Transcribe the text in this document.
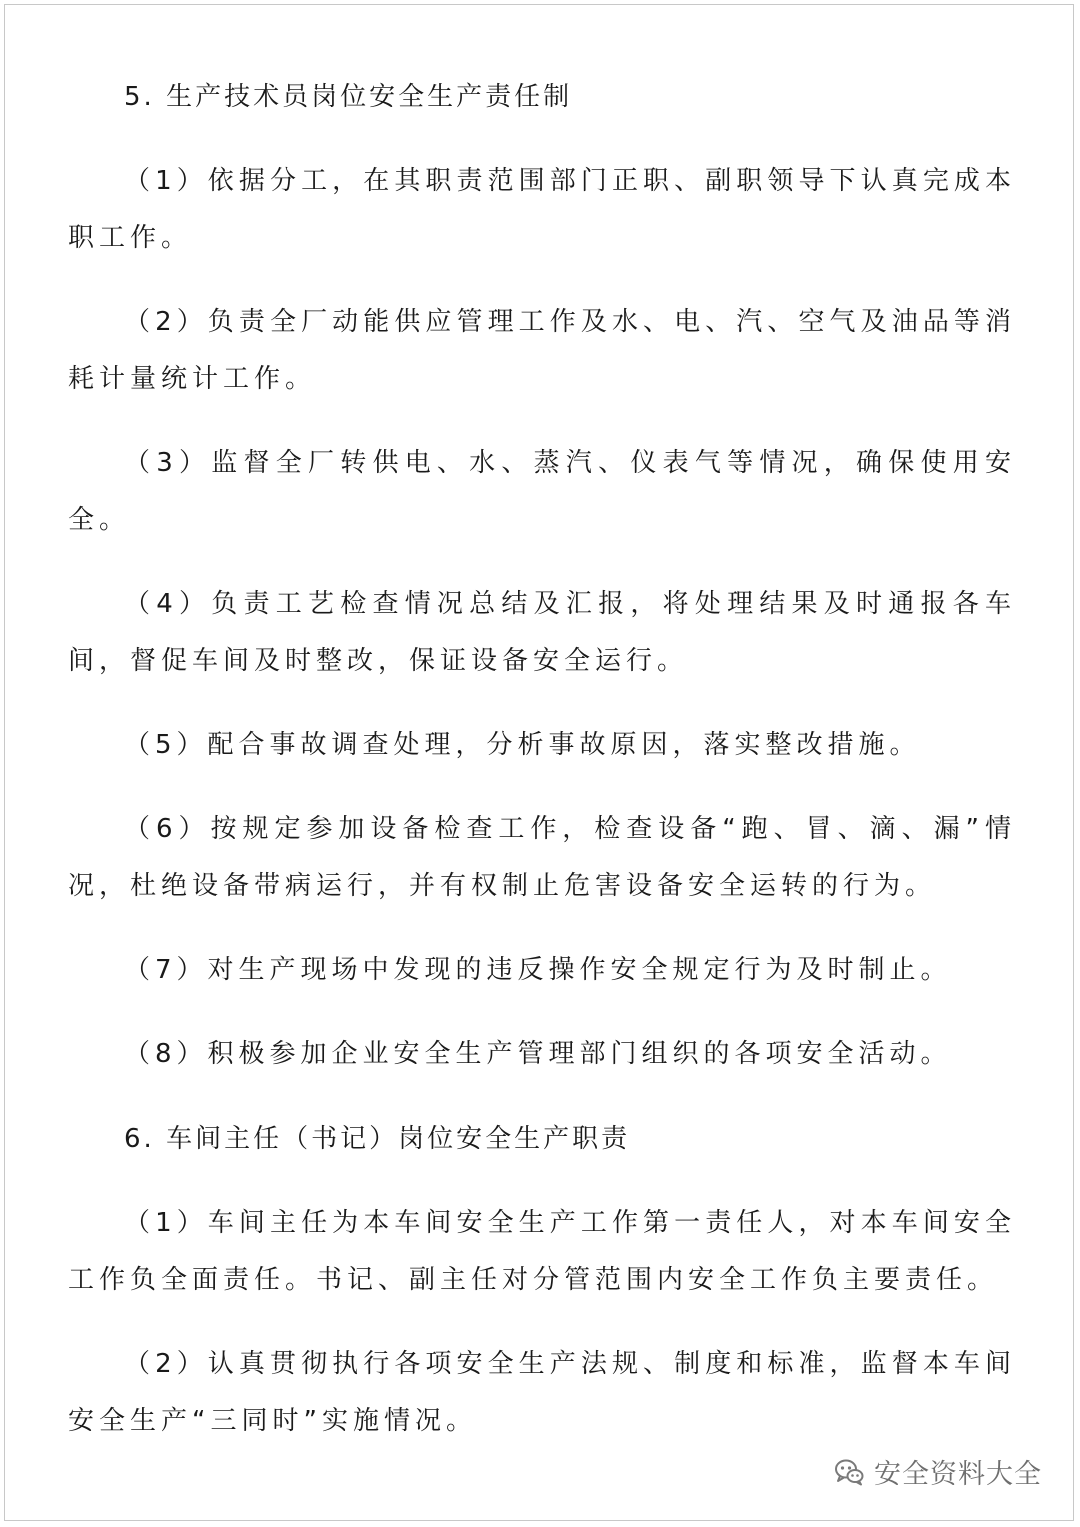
5. 生产技术员岗位安全生产责任制

（1）依据分工，在其职责范围部门正职、副职领导下认真完成本职工作。

（2）负责全厂动能供应管理工作及水、电、汽、空气及油品等消耗计量统计工作。

（3）监督全厂转供电、水、蒸汽、仪表气等情况，确保使用安全。

（4）负责工艺检查情况总结及汇报，将处理结果及时通报各车间，督促车间及时整改，保证设备安全运行。

（5）配合事故调查处理，分析事故原因，落实整改措施。

（6）按规定参加设备检查工作，检查设备“跑、冒、滴、漏”情况，杜绝设备带病运行，并有权制止危害设备安全运转的行为。

（7）对生产现场中发现的违反操作安全规定行为及时制止。

（8）积极参加企业安全生产管理部门组织的各项安全活动。

6. 车间主任（书记）岗位安全生产职责

（1）车间主任为本车间安全生产工作第一责任人，对本车间安全工作负全面责任。书记、副主任对分管范围内安全工作负主要责任。

（2）认真贯彻执行各项安全生产法规、制度和标准，监督本车间安全生产“三同时”实施情况。

安全资料大全
